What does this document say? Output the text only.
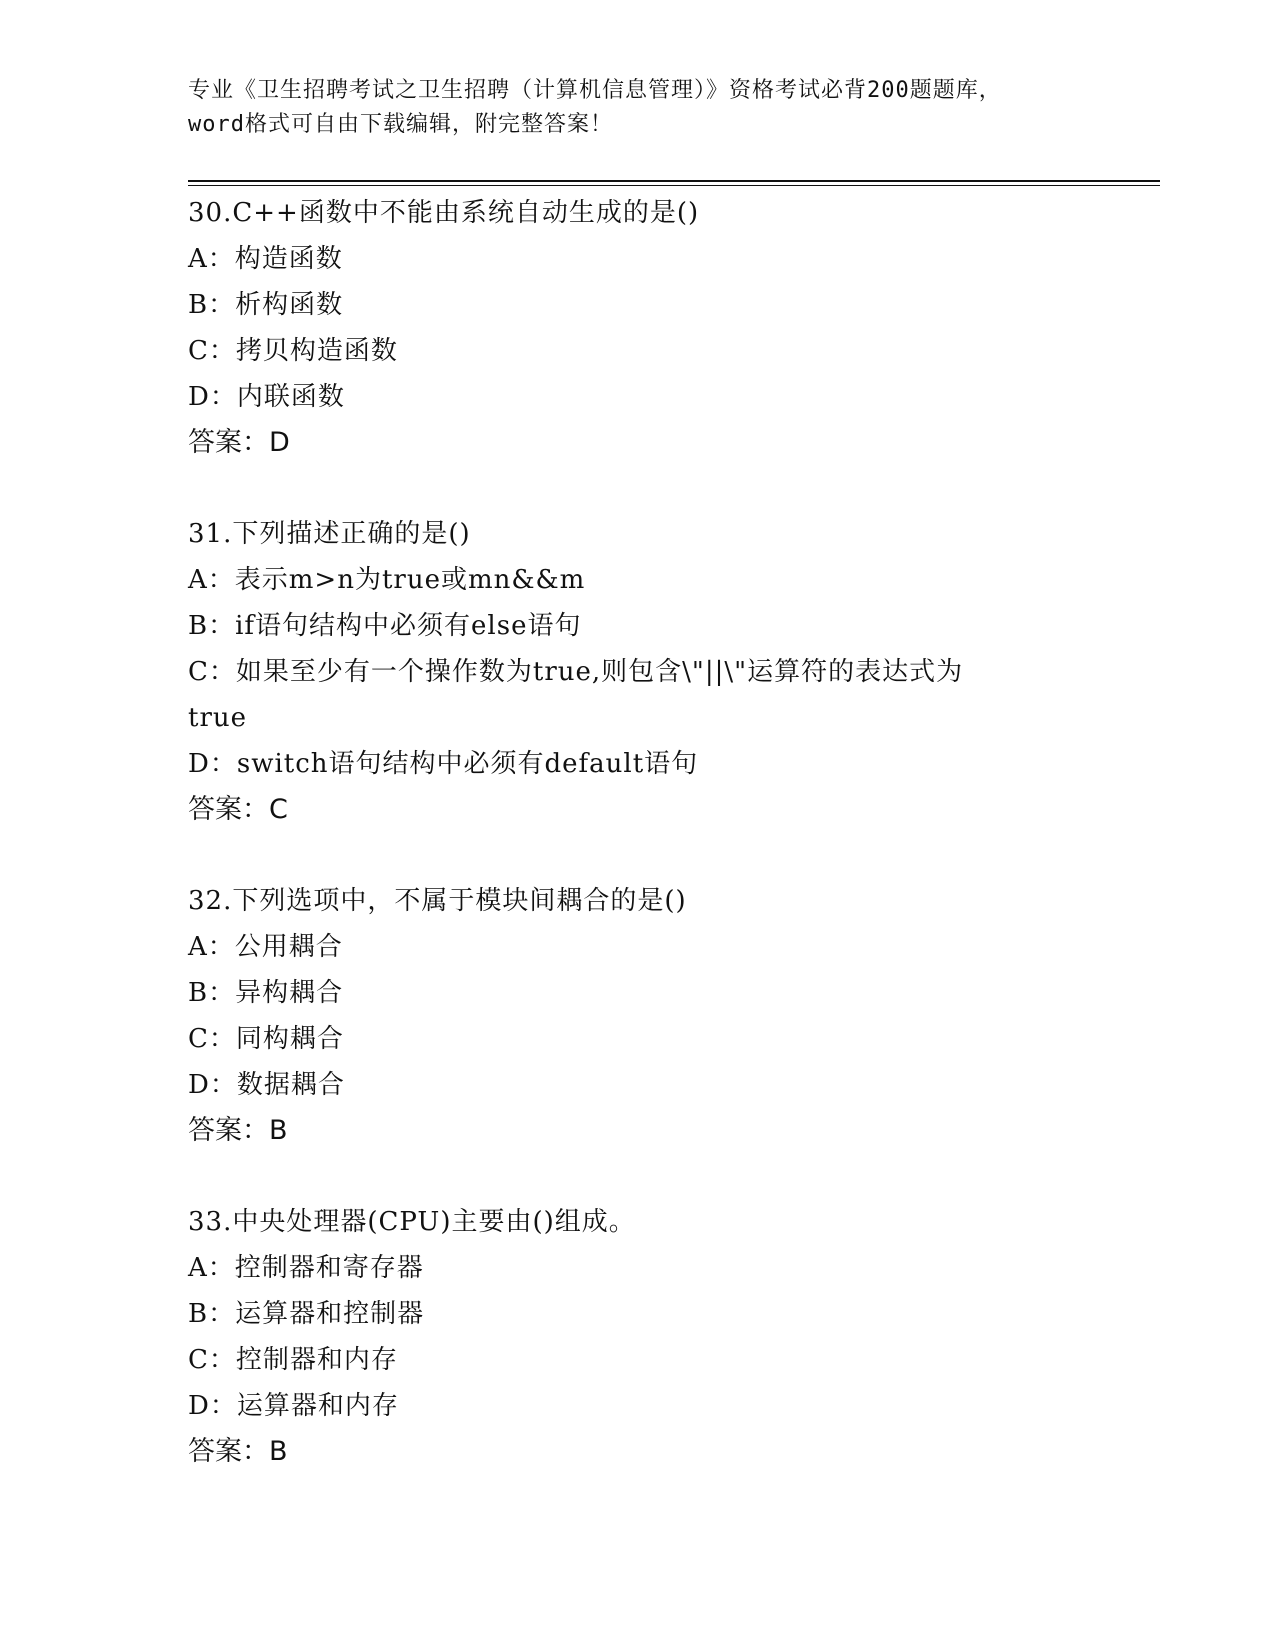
专业《卫生招聘考试之卫生招聘（计算机信息管理）》资格考试必背200题题库，
word格式可自由下载编辑，附完整答案！
30.C++函数中不能由系统自动生成的是()
A：构造函数
B：析构函数
C：拷贝构造函数
D：内联函数
答案：D
31.下列描述正确的是()
A：表示m>n为true或mn&&m
B：if语句结构中必须有else语句
C：如果至少有一个操作数为true,则包含\"||\"运算符的表达式为
true
D：switch语句结构中必须有default语句
答案：C
32.下列选项中，不属于模块间耦合的是()
A：公用耦合
B：异构耦合
C：同构耦合
D：数据耦合
答案：B
33.中央处理器(CPU)主要由()组成。
A：控制器和寄存器
B：运算器和控制器
C：控制器和内存
D：运算器和内存
答案：B
